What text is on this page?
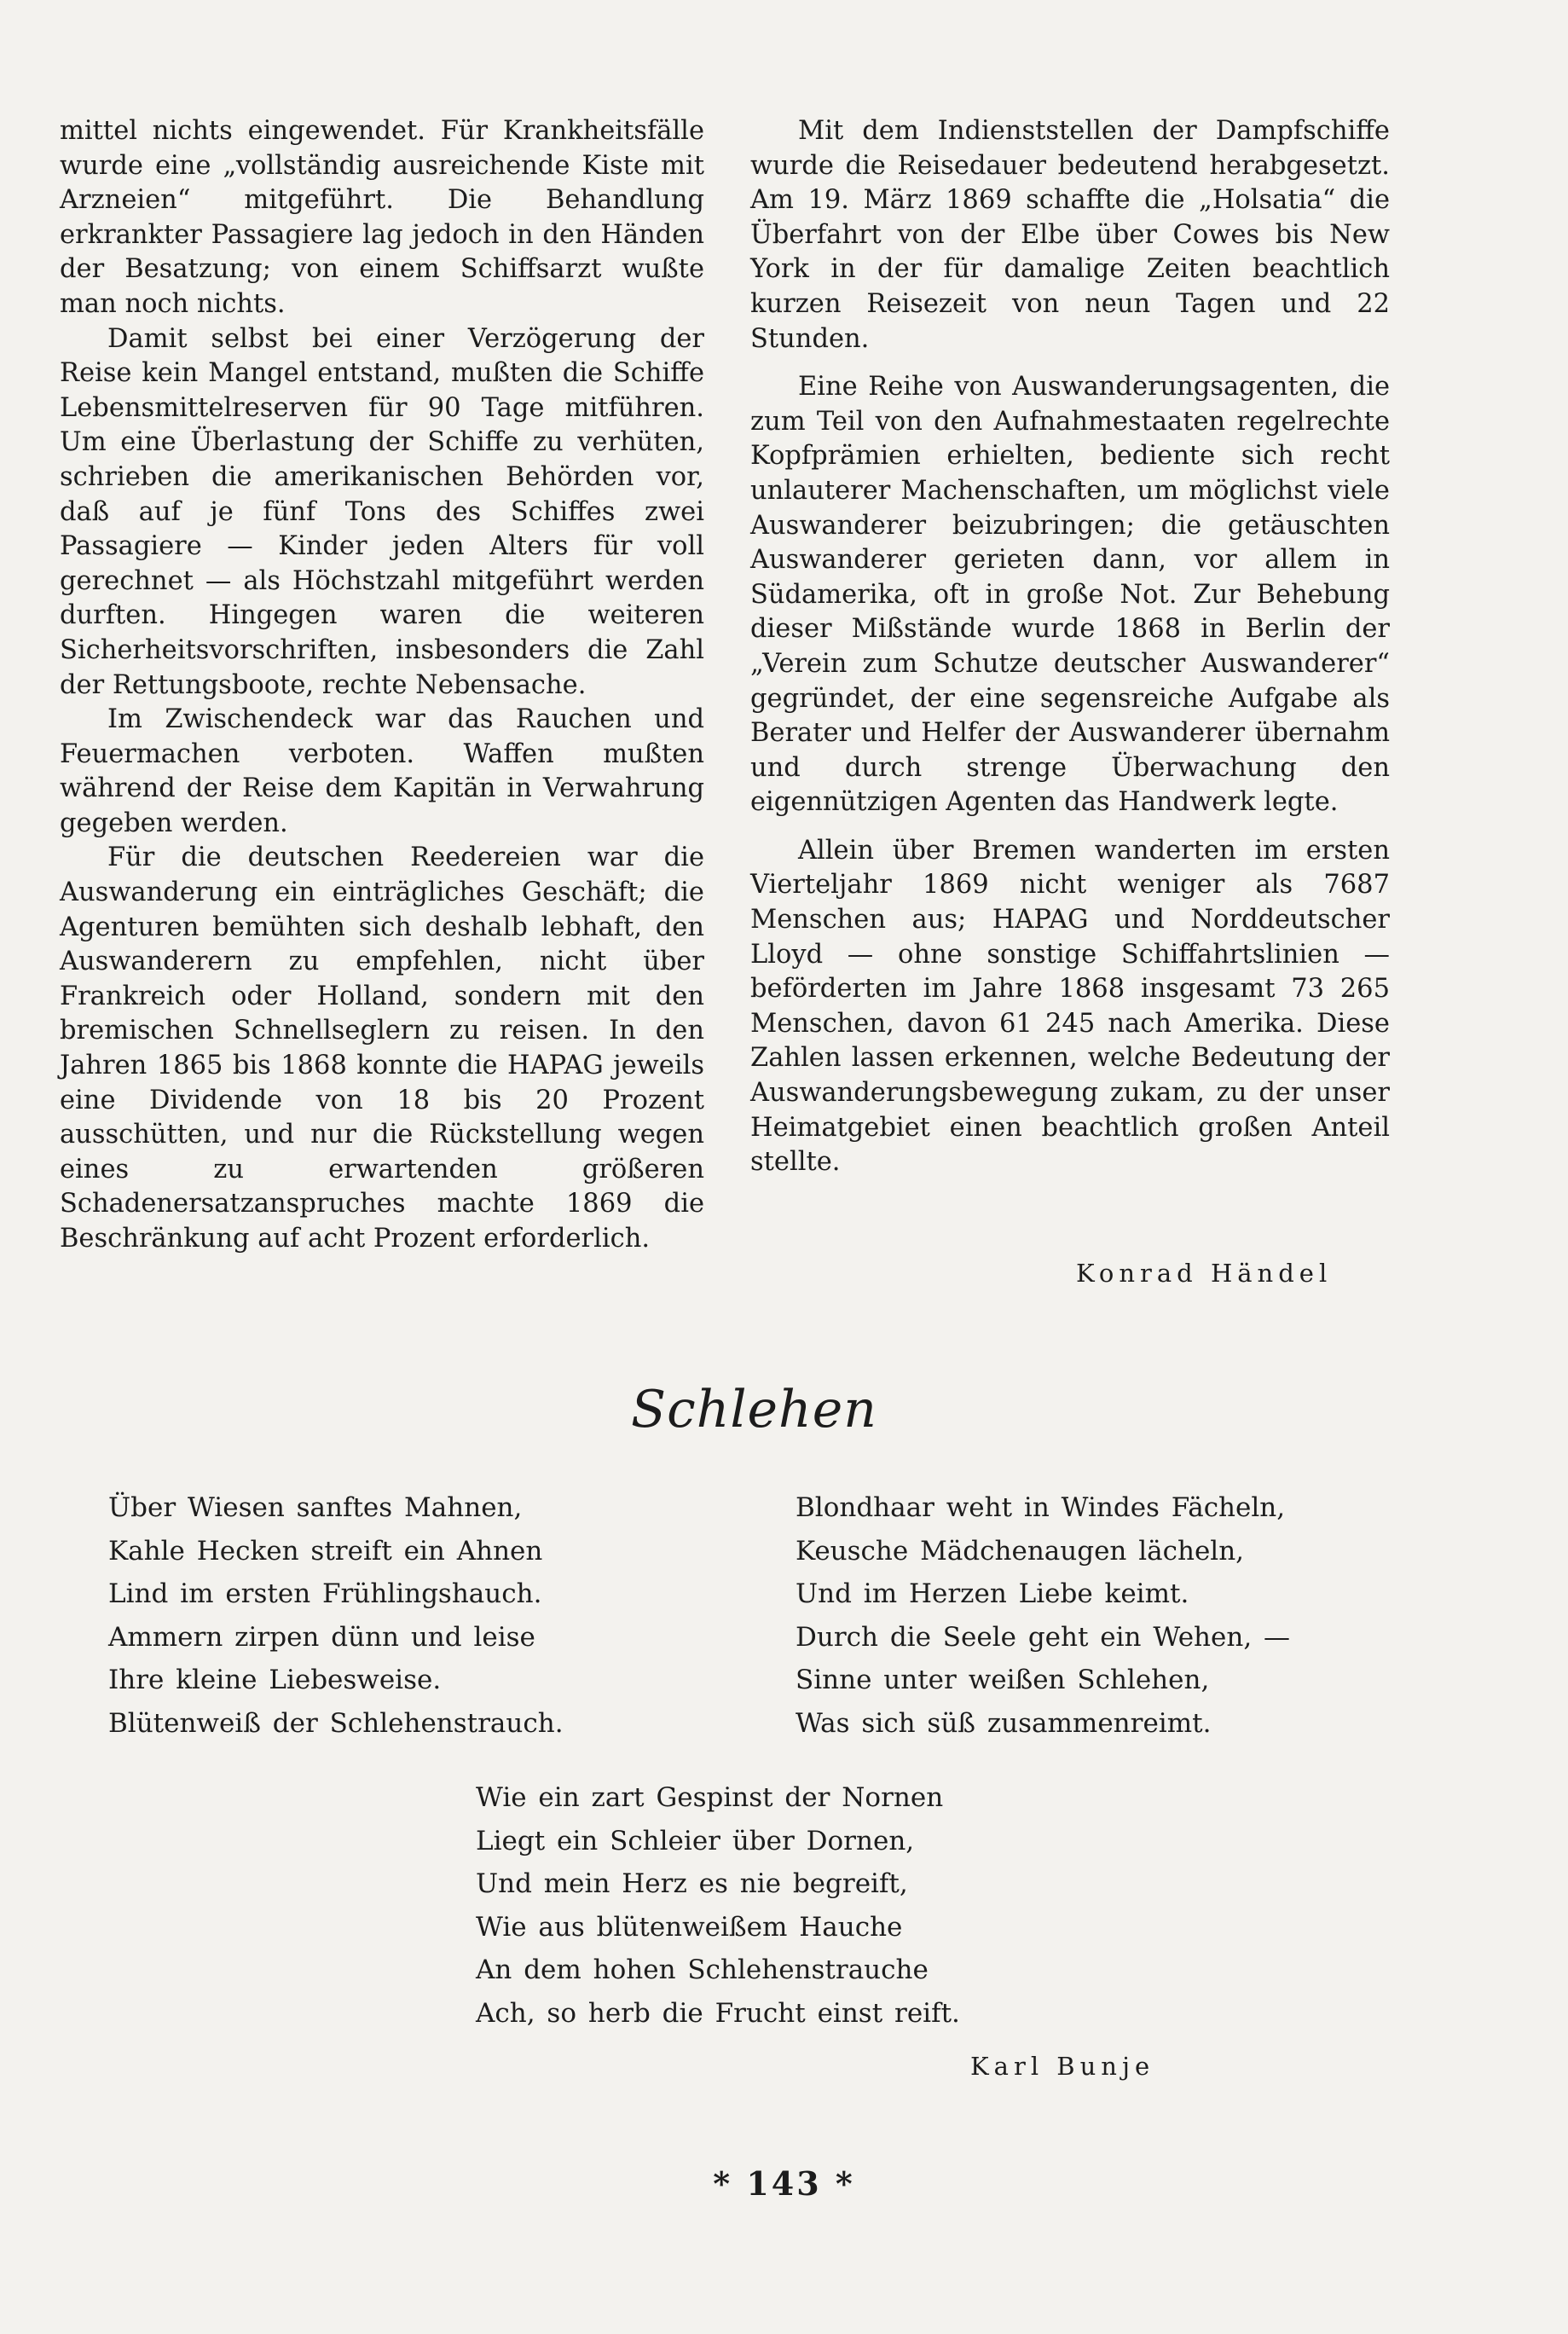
mittel nichts eingewendet. Für Krankheitsfälle wurde eine „vollständig ausreichende Kiste mit Arzneien“ mitgeführt. Die Behandlung erkrankter Passagiere lag jedoch in den Händen der Besatzung; von einem Schiffsarzt wußte man noch nichts.

Damit selbst bei einer Verzögerung der Reise kein Mangel entstand, mußten die Schiffe Lebensmittelreserven für 90 Tage mitführen. Um eine Überlastung der Schiffe zu verhüten, schrieben die amerikanischen Behörden vor, daß auf je fünf Tons des Schiffes zwei Passagiere — Kinder jeden Alters für voll gerechnet — als Höchstzahl mitgeführt werden durften. Hingegen waren die weiteren Sicherheitsvorschriften, insbesonders die Zahl der Rettungsboote, rechte Nebensache.

Im Zwischendeck war das Rauchen und Feuermachen verboten. Waffen mußten während der Reise dem Kapitän in Verwahrung gegeben werden.

Für die deutschen Reedereien war die Auswanderung ein einträgliches Geschäft; die Agenturen bemühten sich deshalb lebhaft, den Auswanderern zu empfehlen, nicht über Frankreich oder Holland, sondern mit den bremischen Schnellseglern zu reisen. In den Jahren 1865 bis 1868 konnte die HAPAG jeweils eine Dividende von 18 bis 20 Prozent ausschütten, und nur die Rückstellung wegen eines zu erwartenden größeren Schadenersatzanspruches machte 1869 die Beschränkung auf acht Prozent erforderlich.

Mit dem Indienststellen der Dampfschiffe wurde die Reisedauer bedeutend herabgesetzt. Am 19. März 1869 schaffte die „Holsatia“ die Überfahrt von der Elbe über Cowes bis New York in der für damalige Zeiten beachtlich kurzen Reisezeit von neun Tagen und 22 Stunden.

Eine Reihe von Auswanderungsagenten, die zum Teil von den Aufnahmestaaten regelrechte Kopfprämien erhielten, bediente sich recht unlauterer Machenschaften, um möglichst viele Auswanderer beizubringen; die getäuschten Auswanderer gerieten dann, vor allem in Südamerika, oft in große Not. Zur Behebung dieser Mißstände wurde 1868 in Berlin der „Verein zum Schutze deutscher Auswanderer“ gegründet, der eine segensreiche Aufgabe als Berater und Helfer der Auswanderer übernahm und durch strenge Überwachung den eigennützigen Agenten das Handwerk legte.

Allein über Bremen wanderten im ersten Vierteljahr 1869 nicht weniger als 7687 Menschen aus; HAPAG und Norddeutscher Lloyd — ohne sonstige Schiffahrtslinien — beförderten im Jahre 1868 insgesamt 73 265 Menschen, davon 61 245 nach Amerika. Diese Zahlen lassen erkennen, welche Bedeutung der Auswanderungsbewegung zukam, zu der unser Heimatgebiet einen beachtlich großen Anteil stellte.

Konrad Händel
Schlehen
Über Wiesen sanftes Mahnen,
Kahle Hecken streift ein Ahnen
Lind im ersten Frühlingshauch.
Ammern zirpen dünn und leise
Ihre kleine Liebesweise.
Blütenweiß der Schlehenstrauch.
Blondhaar weht in Windes Fächeln,
Keusche Mädchenaugen lächeln,
Und im Herzen Liebe keimt.
Durch die Seele geht ein Wehen, —
Sinne unter weißen Schlehen,
Was sich süß zusammenreimt.
Wie ein zart Gespinst der Nornen
Liegt ein Schleier über Dornen,
Und mein Herz es nie begreift,
Wie aus blütenweißem Hauche
An dem hohen Schlehenstrauche
Ach, so herb die Frucht einst reift.
Karl Bunje
* 143 *
